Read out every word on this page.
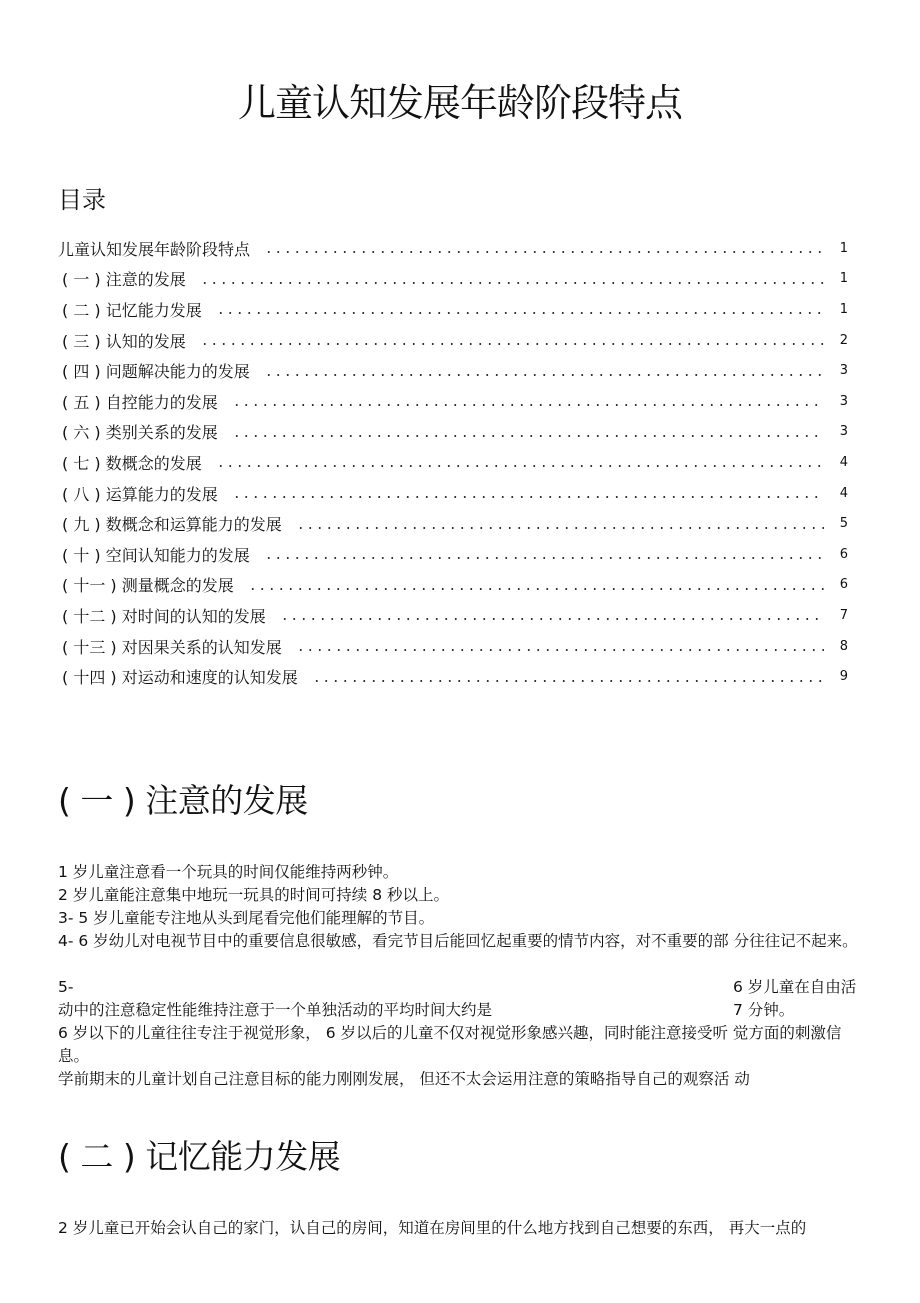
儿童认知发展年龄阶段特点
目录
儿童认知发展年龄阶段特点	1
( 一 ) 注意的发展	1
( 二 ) 记忆能力发展	1
( 三 ) 认知的发展	2
( 四 ) 问题解决能力的发展	3
( 五 ) 自控能力的发展	3
( 六 ) 类别关系的发展	3
( 七 ) 数概念的发展	4
( 八 ) 运算能力的发展	4
( 九 ) 数概念和运算能力的发展	5
( 十 ) 空间认知能力的发展	6
( 十一 ) 测量概念的发展	6
( 十二 ) 对时间的认知的发展	7
( 十三 ) 对因果关系的认知发展	8
( 十四 ) 对运动和速度的认知发展	9
( 一 ) 注意的发展

1 岁儿童注意看一个玩具的时间仅能维持两秒钟。

2 岁儿童能注意集中地玩一玩具的时间可持续 8 秒以上。

3- 5 岁儿童能专注地从头到尾看完他们能理解的节目。

4- 6 岁幼儿对电视节目中的重要信息很敏感，看完节目后能回忆起重要的情节内容，对不重要的部 分往往记不起来。

5-	6 岁儿童在自由活
动中的注意稳定性能维持注意于一个单独活动的平均时间大约是	7 分钟。

6 岁以下的儿童往往专注于视觉形象， 6 岁以后的儿童不仅对视觉形象感兴趣，同时能注意接受听 觉方面的刺激信息。

学前期末的儿童计划自己注意目标的能力刚刚发展， 但还不太会运用注意的策略指导自己的观察活 动

( 二 ) 记忆能力发展

2 岁儿童已开始会认自己的家门，认自己的房间，知道在房间里的什么地方找到自己想要的东西， 再大一点的
